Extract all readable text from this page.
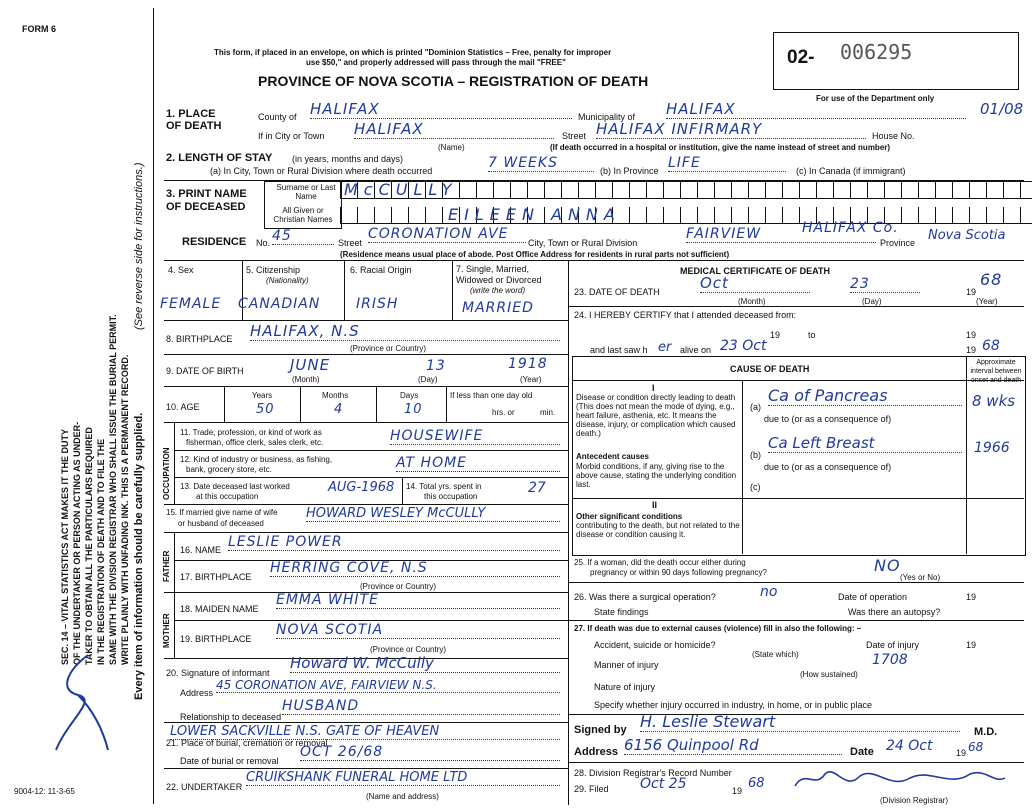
FORM 6
SEC. 14 – VITAL STATISTICS ACT MAKES IT THE DUTY OF THE UNDERTAKER OR PERSON ACTING AS UNDER- TAKER TO OBTAIN ALL THE PARTICULARS REQUIRED IN THE REGISTRATION OF DEATH AND TO FILE THE SAME WITH THE DIVISION REGISTRAR WHO SHALL ISSUE THE BURIAL PERMIT. WRITE PLAINLY WITH UNFADING INK. THIS IS A PERMANENT RECORD. Every item of information should be carefully supplied.
(See reverse side for instructions.)
9004-12: 11-3-65
This form, if placed in an envelope, on which is printed "Dominion Statistics – Free, penalty for improper
use $50," and properly addressed will pass through the mail "FREE"
PROVINCE OF NOVA SCOTIA – REGISTRATION OF DEATH
02- 006295
For use of the Department only
01/08
1. PLACE OF DEATH
County of HALIFAX	Municipality of HALIFAX
If in City or Town HALIFAX
(Name)
Street HALIFAX INFIRMARY	House No.
(If death occurred in a hospital or institution, give the name instead of street and number)
2. LENGTH OF STAY (in years, months and days)
(a) In City, Town or Rural Division where death occurred	7 WEEKS	(b) In Province LIFE	(c) In Canada (if immigrant)
3. PRINT NAME OF DECEASED
Surname or Last Name
All Given or Christian Names
McCULLY
EILEEN ANNA
RESIDENCE No. 45	Street
CORONATION AVE
City, Town or Rural Division
FAIRVIEW	HALIFAX Co.
Province Nova Scotia
(Residence means usual place of abode. Post Office Address for residents in rural parts not sufficient)
4. Sex	5. Citizenship
(Nationality)
6. Racial Origin	7. Single, Married, Widowed or Divorced
(write the word)
FEMALE CANADIAN	IRISH	MARRIED
8. BIRTHPLACE HALIFAX, N.S
(Province or Country)
9. DATE OF BIRTH	JUNE	13	1918
(Month)	(Day)	(Year)
10. AGE
Years	Months	Days	If less than one day old
50	4	10	hrs. or	min.
OCCUPATION
11. Trade, profession, or kind of work as
fisherman, office clerk, sales clerk, etc.	HOUSEWIFE
12. Kind of industry or business, as fishing,
bank, grocery store, etc.	AT HOME
13. Date deceased last worked
at this occupation
AUG-1968 14. Total yrs. spent in
this occupation
27
15. If married give name of wife
or husband of deceased
HOWARD WESLEY McCULLY
FATHER
16. NAME LESLIE POWER
17. BIRTHPLACE
HERRING COVE, N.S
(Province or Country)
MOTHER
18. MAIDEN NAME
EMMA WHITE
19. BIRTHPLACE
NOVA SCOTIA
(Province or Country)
20. Signature of informant
Howard W. McCully
Address
45 CORONATION AVE, FAIRVIEW N.S.
Relationship to deceased
HUSBAND
21. Place of burial, cremation or removal
LOWER SACKVILLE N.S. GATE OF HEAVEN
Date of burial or removal
OCT 26/68
22. UNDERTAKER
CRUIKSHANK FUNERAL HOME LTD
(Name and address)
MEDICAL CERTIFICATE OF DEATH
23. DATE OF DEATH	Oct	23	19
68
(Month)	(Day)	(Year)
24. I HEREBY CERTIFY that I attended deceased from:
19	to	19
and last saw h er alive on 23 Oct	19 68
CAUSE OF DEATH
Approximate interval between onset and death
I
Disease or condition directly leading to death (This does not mean the mode of dying, e.g., heart failure, asthenia, etc. It means the disease, injury, or complication which caused death.)
(a)
Ca of Pancreas	8 wks
due to (or as a consequence of)
Antecedent causes
Morbid conditions, if any, giving rise to the above cause, stating the underlying condition last.
(b)
Ca Left Breast	1966
due to (or as a consequence of)
(c)
II
Other significant conditions
contributing to the death, but not related to the disease or condition causing it.
25. If a woman, did the death occur either during
pregnancy or within 90 days following pregnancy?	NO
(Yes or No)
26. Was there a surgical operation?	no	Date of operation	19
State findings	Was there an autopsy?
27. If death was due to external causes (violence) fill in also the following: –
Accident, suicide or homicide?
(State which)
Date of injury	19
Manner of injury	1708
(How sustained)
Nature of injury
Specify whether injury occurred in industry, in home, or in public place
Signed by H. Leslie Stewart
M.D.
Address 6156 Quinpool Rd	Date 24 Oct	19 68
28. Division Registrar's Record Number
29. Filed Oct 25	19 68
(Division Registrar)
